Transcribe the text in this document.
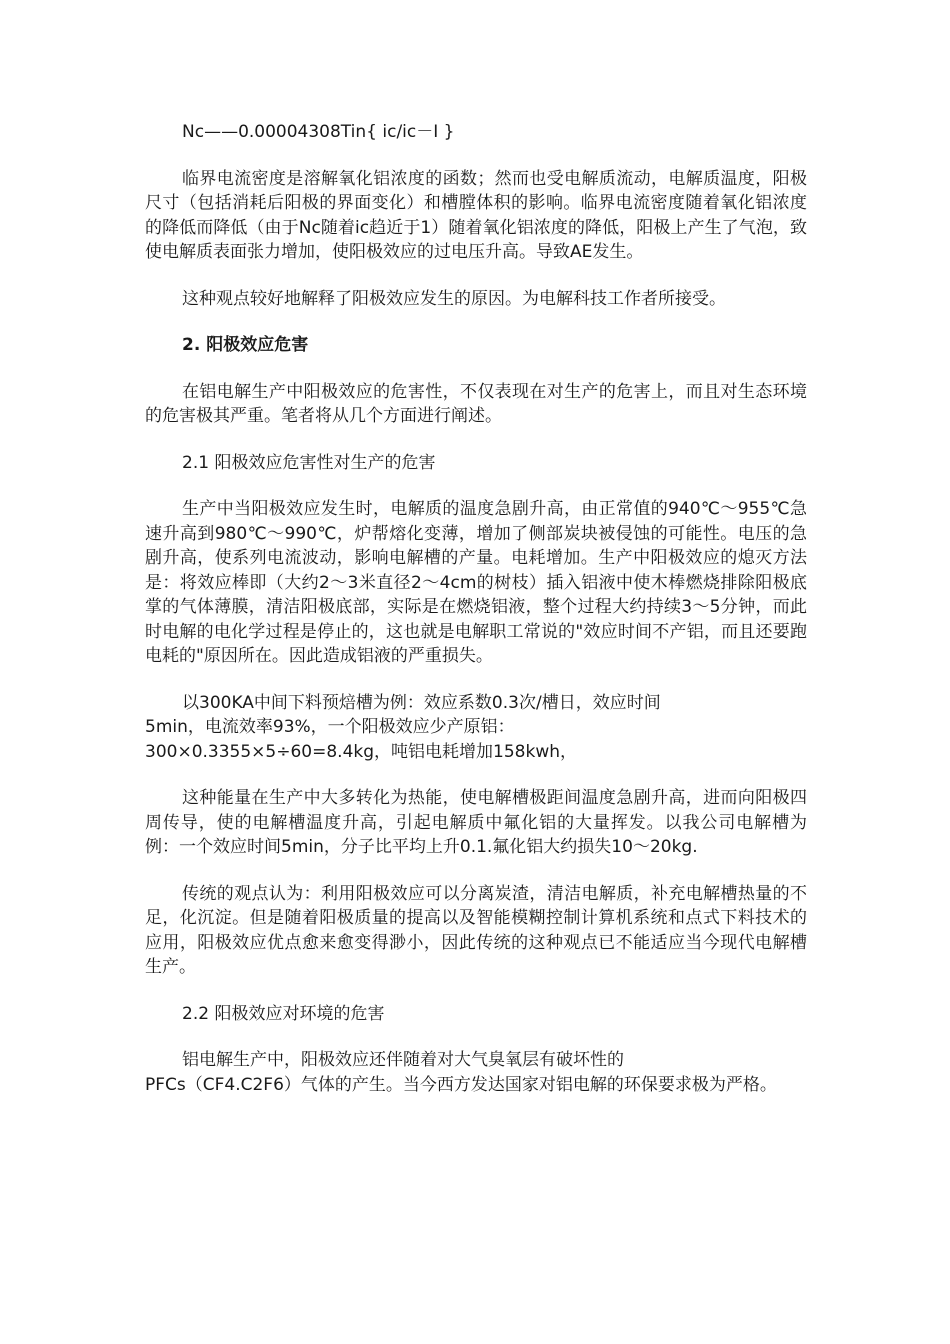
Nc——0.00004308Tin{ ic/ic－I }

临界电流密度是溶解氧化铝浓度的函数；然而也受电解质流动，电解质温度，阳极尺寸（包括消耗后阳极的界面变化）和槽膛体积的影响。临界电流密度随着氧化铝浓度的降低而降低（由于Nc随着ic趋近于1）随着氧化铝浓度的降低，阳极上产生了气泡，致使电解质表面张力增加，使阳极效应的过电压升高。导致AE发生。

这种观点较好地解释了阳极效应发生的原因。为电解科技工作者所接受。

2. 阳极效应危害

在铝电解生产中阳极效应的危害性，不仅表现在对生产的危害上，而且对生态环境的危害极其严重。笔者将从几个方面进行阐述。

2.1 阳极效应危害性对生产的危害

生产中当阳极效应发生时，电解质的温度急剧升高，由正常值的940℃～955℃急速升高到980℃～990℃，炉帮熔化变薄，增加了侧部炭块被侵蚀的可能性。电压的急剧升高，使系列电流波动，影响电解槽的产量。电耗增加。生产中阳极效应的熄灭方法是：将效应棒即（大约2～3米直径2～4cm的树枝）插入铝液中使木棒燃烧排除阳极底掌的气体薄膜，清洁阳极底部，实际是在燃烧铝液，整个过程大约持续3～5分钟，而此时电解的电化学过程是停止的，这也就是电解职工常说的"效应时间不产铝，而且还要跑电耗的"原因所在。因此造成铝液的严重损失。

以300KA中间下料预焙槽为例：效应系数0.3次/槽日，效应时间
5min，电流效率93%，一个阳极效应少产原铝：
300×0.3355×5÷60=8.4kg，吨铝电耗增加158kwh，

这种能量在生产中大多转化为热能，使电解槽极距间温度急剧升高，进而向阳极四周传导，使的电解槽温度升高，引起电解质中氟化铝的大量挥发。以我公司电解槽为例：一个效应时间5min，分子比平均上升0.1.氟化铝大约损失10～20kg.

传统的观点认为：利用阳极效应可以分离炭渣，清洁电解质，补充电解槽热量的不足，化沉淀。但是随着阳极质量的提高以及智能模糊控制计算机系统和点式下料技术的应用，阳极效应优点愈来愈变得渺小，因此传统的这种观点已不能适应当今现代电解槽生产。

2.2 阳极效应对环境的危害

铝电解生产中，阳极效应还伴随着对大气臭氧层有破坏性的
PFCs（CF4.C2F6）气体的产生。当今西方发达国家对铝电解的环保要求极为严格。
